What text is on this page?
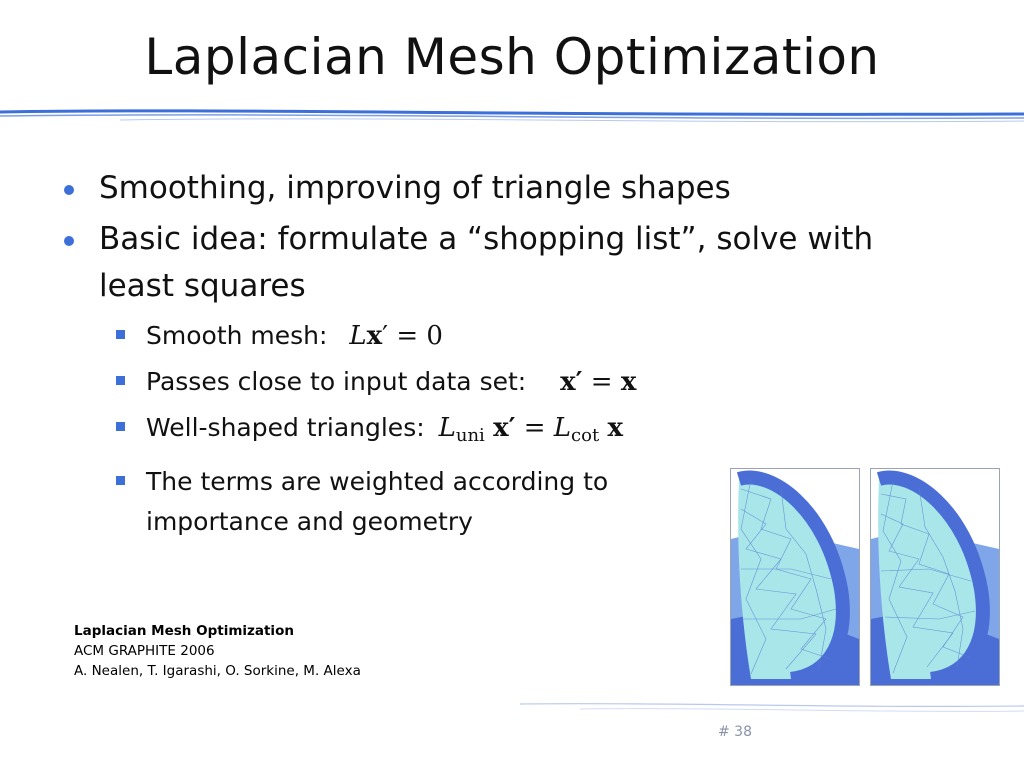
Laplacian Mesh Optimization
Smoothing, improving of triangle shapes
Basic idea: formulate a “shopping list”, solve with least squares
Smooth mesh: Lx′ = 0
Passes close to input data set: x′ = x
Well-shaped triangles: $L_{uni}$ $x' = L_{cot}$ x
The terms are weighted according to importance and geometry
Laplacian Mesh Optimization
ACM GRAPHITE 2006
A. Nealen, T. Igarashi, O. Sorkine, M. Alexa
# 38
